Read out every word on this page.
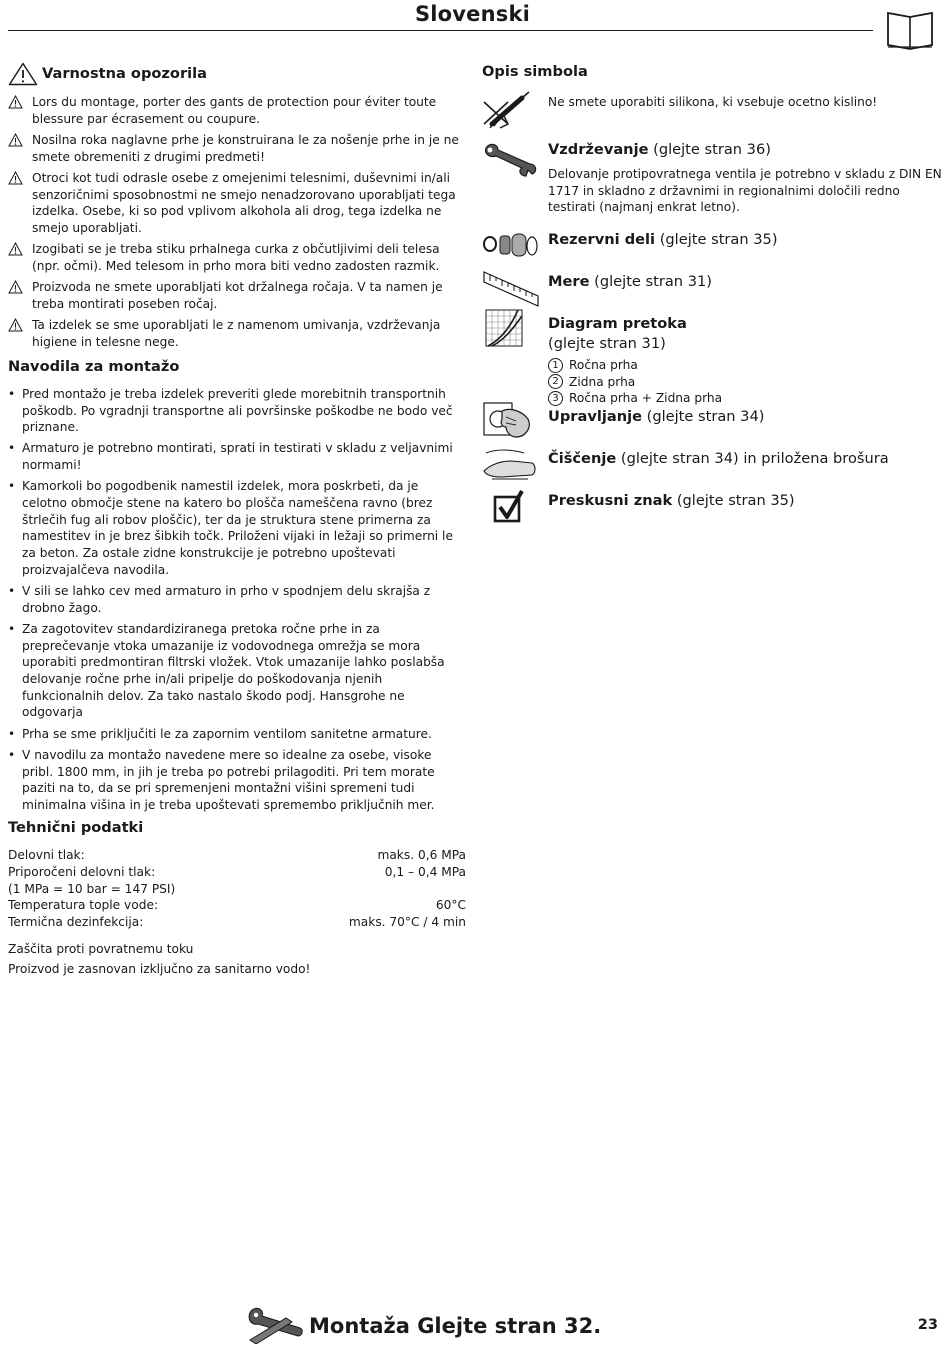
Slovenski
Varnostna opozorila
Lors du montage, porter des gants de protection pour éviter toute blessure par écrasement ou coupure.
Nosilna roka naglavne prhe je konstruirana le za nošenje prhe in je ne smete obremeniti z drugimi predmeti!
Otroci kot tudi odrasle osebe z omejenimi telesnimi, duševnimi in/ali senzoričnimi sposobnostmi ne smejo nenadzorovano uporabljati tega izdelka. Osebe, ki so pod vplivom alkohola ali drog, tega izdelka ne smejo uporabljati.
Izogibati se je treba stiku prhalnega curka z občutljivimi deli telesa (npr. očmi). Med telesom in prho mora biti vedno zadosten razmik.
Proizvoda ne smete uporabljati kot držalnega ročaja. V ta namen je treba montirati poseben ročaj.
Ta izdelek se sme uporabljati le z namenom umivanja, vzdrževanja higiene in telesne nege.
Navodila za montažo
• Pred montažo je treba izdelek preveriti glede morebitnih transportnih poškodb. Po vgradnji transportne ali površinske poškodbe ne bodo več priznane.
• Armaturo je potrebno montirati, sprati in testirati v skladu z veljavnimi normami!
• Kamorkoli bo pogodbenik namestil izdelek, mora poskrbeti, da je celotno območje stene na katero bo plošča nameščena ravno (brez štrlečih fug ali robov ploščic), ter da je struktura stene primerna za namestitev in je brez šibkih točk. Priloženi vijaki in ležaji so primerni le za beton. Za ostale zidne konstrukcije je potrebno upoštevati proizvajalčeva navodila.
• V sili se lahko cev med armaturo in prho v spodnjem delu skrajša z drobno žago.
• Za zagotovitev standardiziranega pretoka ročne prhe in za preprečevanje vtoka umazanije iz vodovodnega omrežja se mora uporabiti predmontiran filtrski vložek. Vtok umazanije lahko poslabša delovanje ročne prhe in/ali pripelje do poškodovanja njenih funkcionalnih delov. Za tako nastalo škodo podj. Hansgrohe ne odgovarja
• Prha se sme priključiti le za zapornim ventilom sanitetne armature.
• V navodilu za montažo navedene mere so idealne za osebe, visoke pribl. 1800 mm, in jih je treba po potrebi prilagoditi. Pri tem morate paziti na to, da se pri spremenjeni montažni višini spremeni tudi minimalna višina in je treba upoštevati spremembo priključnih mer.
Tehnični podatki
Delovni tlak:	maks. 0,6 MPa
Priporočeni delovni tlak:	0,1 – 0,4 MPa
(1 MPa = 10 bar = 147 PSI)
Temperatura tople vode:	60°C
Termična dezinfekcija:	maks. 70°C / 4 min

Zaščita proti povratnemu toku

Proizvod je zasnovan izključno za sanitarno vodo!

Opis simbola
Ne smete uporabiti silikona, ki vsebuje ocetno kislino!
Vzdrževanje (glejte stran 36)
Delovanje protipovratnega ventila je potrebno v skladu z DIN EN 1717 in skladno z državnimi in regionalnimi določili redno testirati (najmanj enkrat letno).
Rezervni deli (glejte stran 35)
Mere (glejte stran 31)
Diagram pretoka
(glejte stran 31)
1 Ročna prha
2 Zidna prha
3 Ročna prha + Zidna prha
Upravljanje (glejte stran 34)
Čiščenje (glejte stran 34) in priložena brošura
Preskusni znak (glejte stran 35)
Montaža Glejte stran 32.	23
